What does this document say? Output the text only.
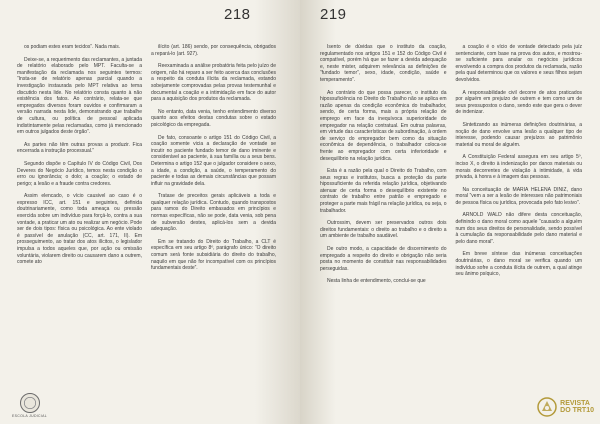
218

os podiam estes eram tecidos”. Nada mais.

Deixe-se, a requerimento das reclamantes, a juntada de relatório elaborado pelo MPT. Faculta-se a manifestação da reclamada nos seguintes termos: “Insta-se de relatório apenas parcial quando a investigação instaurada pelo MPT relativa ao tema discutido nesta lide. No relatório consta quanto à não existência dos fatos. Ao contrário, relata-se que empregados diversos foram ouvidos e confirmaram a versão narrada nesta lide, demonstrando que trabalhe de cultura, ou política de pessoal aplicada indistintamente pelas reclamadas, como já mencionado em outros julgados deste órgão”.

As partes não têm outras provas a produzir. Fica encerrada a instrução processual.”

Segundo dispõe o Capítulo IV do Código Civil, Dos Deveres do Negócio Jurídico, temos nesta condição o erro ou ignorância; o dolo; a coação; o estado de perigo; a lesão e a fraude contra credores.

Assim elencado, o vício causivel ao caso é o expresso ICC, art. 151 e seguintes, definida doutrinariamente, como toda ameaça ou pressão exercida sobre um indivíduo para forçá-lo, contra a sua vontade, a praticar um ato ou realizar um negócio. Pode ser de dois tipos: física ou psicológica. Ao ente violado é passível de anulação (CC, art. 171, II). Em prosseguimento, ao tratar dos atos ilícitos, o legislador impulsa a todos aqueles que, por ação ou omissão voluntária, violarem direito ou causarem dano a outrem, comete ato

ilícito (art. 186) sendo, por consequência, obrigados a repará-lo (art. 927).

Reexaminada a análise probatória feita pelo juízo de origem, não há reparo a ser feito acerca das conclusões a respeito da conduta ilícita da reclamada, estando sobejamente comprovadas pelas provas testemunhal e documental a coação e a intimidação em face do autor para a aquisição dos produtos da reclamada.

No entanto, data venia, tenho entendimento diverso quanto aos efeitos destas condutas sobre o estado psicológico da empregada.

De fato, consoante o artigo 151 do Código Civil, a coação somente vicia a declaração de vontade se incutir no paciente fundado temor de dano iminente e considerável ao paciente, à sua família ou a seus bens. Determina o artigo 152 que o julgador considere o sexo, a idade, a condição, a saúde, o temperamento do paciente e todas as demais circunstâncias que possam influir na gravidade dela.

Tratase de preceitos gerais aplicáveis a toda e qualquer relação jurídica. Contudo, quando transpostos para ramos do Direito embasados em princípios e normas específicas, não se pode, data venia, sob pena de subversão destes, aplicá-los sem a devida adequação.

Em se tratando do Direito do Trabalho, a CLT é específica em seu artigo 8º, parágrafo único: “O direito comum será fonte subsidiária do direito do trabalho, naquilo em que não for incompatível com os princípios fundamentais deste”.

ESCOLA JUDICIAL
219

Isento de dúvidas que o instituto da coação, regulamentado nos artigos 151 e 152 do Código Civil é compatível, porém há que se fazer a devida adequação e, neste mister, adquirem relevância as definições de “fundado temor”, sexo, idade, condição, saúde e temperamento”.

Ao contrário do que possa parecer, o instituto da hipossuficiência no Direito do Trabalho não se aplica em razão apenas da condição econômica do trabalhador, sendo, de certa forma, mais a própria relação de emprego em face da inequívoca superioridade do empregador na relação contratual. Em outras palavras, em virtude das características de subordinação, à ordem de serviço do empregador bem como da situação econômica de dependência, o trabalhador coloca-se frente ao empregador com certa inferioridade e desequilíbrio na relação jurídica.

Esta é a razão pela qual o Direito do Trabalho, com seus regras e institutos, busca a proteção da parte hipossuficiente da referida relação jurídica, objetivando atenuar de certa forma o desequilíbrio existente no contrato de trabalho entre patrão e empregado e proteger a parte mais frágil na relação jurídica, ou seja, o trabalhador.

Outrossim, devem ser preservados outros dois direitos fundamentais: o direito ao trabalho e o direito a um ambiente de trabalho saudável.

De outro modo, a capacidade de discernimento do empregado a respeito do direito e obrigação não seria posta no momento de constituir nas responsabilidades perseguidas.

Nesta linha de entendimento, conclui-se que

a coação é o vício de vontade detectado pela juíz sentenciante, com base na prova dos autos, e mostrou-se suficiente para anular os negócios jurídicos envolvendo a compra dos produtos da reclamada, razão pela qual determinou que os valores e seus filhos sejam devolvidos.

A responsabilidade civil decorre de atos praticados por alguém em prejuízo de outrem e tem como um de seus pressupostos o dano, sendo este que gera o dever de indenizar.

Sintetizando as inúmeras definições doutrinárias, a noção de dano envolve uma lesão a qualquer tipo de interesse, podendo causar prejuízos ao patrimônio material ou moral de alguém.

A Constituição Federal assegura em seu artigo 5º, inciso X, o direito à indenização por danos materiais ou morais decorrentes de violação à intimidade, à vida privada, à honra e à imagem das pessoas.

Na conceituação de MARIA HELENA DINIZ, dano moral “vem a ser a lesão de interesses não patrimoniais de pessoa física ou jurídica, provocada pelo fato lesivo”.

ARNOLD WALD não difere desta conceituação, definindo o dano moral como aquele “causado a alguém num dos seus direitos de personalidade, sendo possível à cumulação da responsabilidade pelo dano material e pelo dano moral”.

Em breve síntese das inúmeras conceituações doutrinárias, o dano moral se verifica quando um indivíduo sofre a conduta ilícita de outrem, a qual atinge seu ânimo psíquico,

REVISTA
DO TRT10
